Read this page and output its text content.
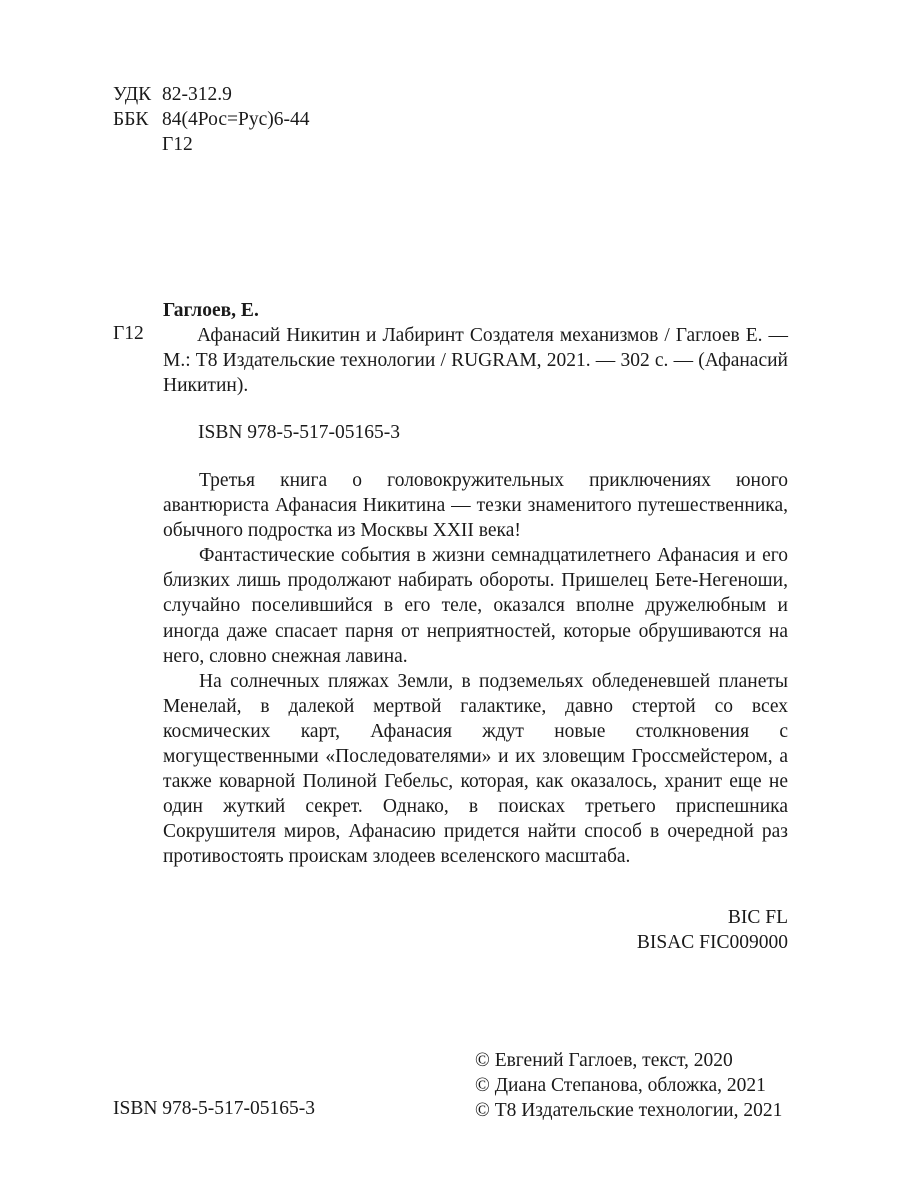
УДК 82-312.9
ББК 84(4Рос=Рус)6-44
Г12
Гаглоев, Е.
Г12	Афанасий Никитин и Лабиринт Создателя механизмов / Гаглоев Е. — М.: Т8 Издательские технологии / RUGRAM, 2021. — 302 с. — (Афанасий Никитин).

ISBN 978-5-517-05165-3

Третья книга о головокружительных приключениях юного авантюриста Афанасия Никитина — тезки знаменитого путешественника, обычного подростка из Москвы XXII века!

Фантастические события в жизни семнадцатилетнего Афанасия и его близких лишь продолжают набирать обороты. Пришелец Бете-Негеноши, случайно поселившийся в его теле, оказался вполне дружелюбным и иногда даже спасает парня от неприятностей, которые обрушиваются на него, словно снежная лавина.

На солнечных пляжах Земли, в подземельях обледеневшей планеты Менелай, в далекой мертвой галактике, давно стертой со всех космических карт, Афанасия ждут новые столкновения с могущественными «Последователями» и их зловещим Гроссмейстером, а также коварной Полиной Гебельс, которая, как оказалось, хранит еще не один жуткий секрет. Однако, в поисках третьего приспешника Сокрушителя миров, Афанасию придется найти способ в очередной раз противостоять проискам злодеев вселенского масштаба.

BIC FL
BISAC FIC009000
© Евгений Гаглоев, текст, 2020
© Диана Степанова, обложка, 2021
© Т8 Издательские технологии, 2021
ISBN 978-5-517-05165-3
